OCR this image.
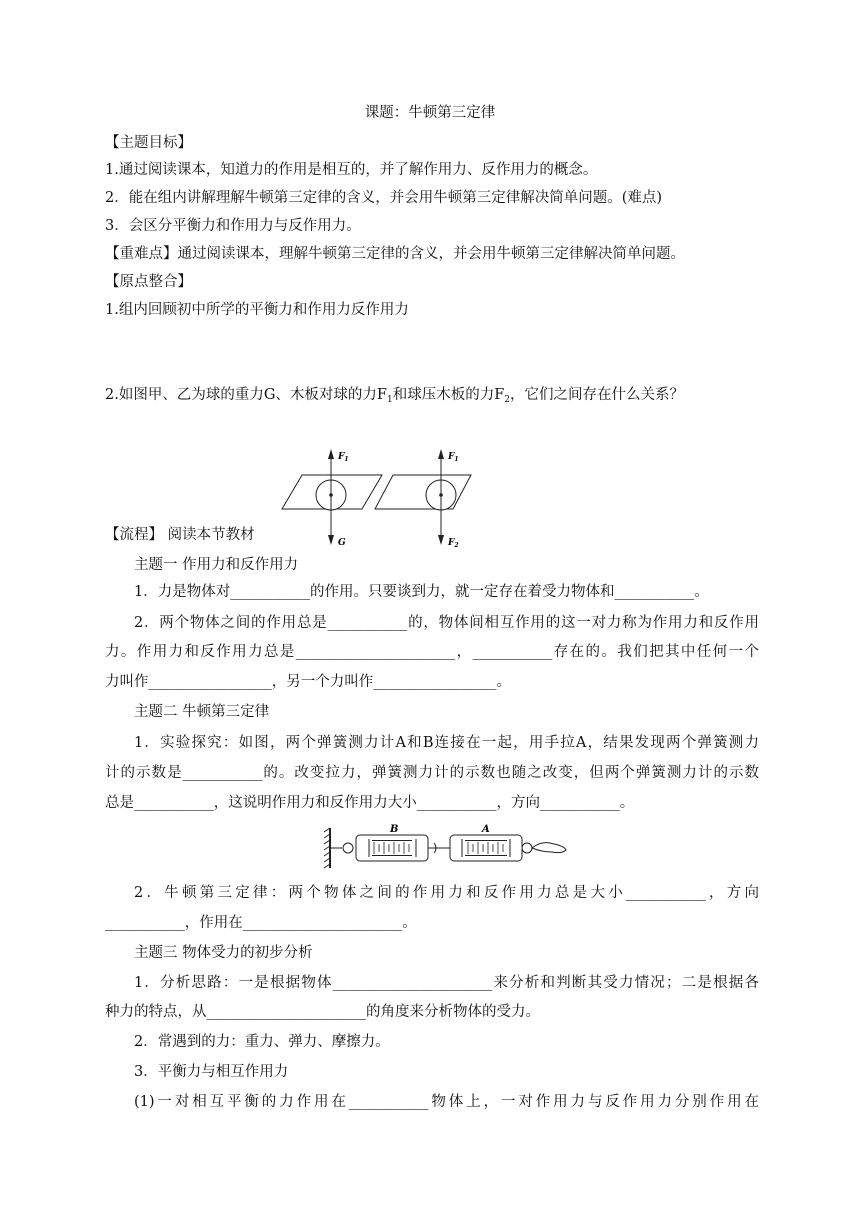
课题：牛顿第三定律
【主题目标】
1.通过阅读课本，知道力的作用是相互的，并了解作用力、反作用力的概念。
2．能在组内讲解理解牛顿第三定律的含义，并会用牛顿第三定律解决简单问题。(难点)
3．会区分平衡力和作用力与反作用力。
【重难点】通过阅读课本，理解牛顿第三定律的含义，并会用牛顿第三定律解决简单问题。
【原点整合】
1.组内回顾初中所学的平衡力和作用力反作用力
2.如图甲、乙为球的重力G、木板对球的力$F_1$和球压木板的力$F_2$，它们之间存在什么关系？
$F_1$
G
$F_1$
$F_2$
【流程】 阅读本节教材
主题一 作用力和反作用力
1．力是物体对___________的作用。只要谈到力，就一定存在着受力物体和___________。
2．两个物体之间的作用总是___________的，物体间相互作用的这一对力称为作用力和反作用
力。作用力和反作用力总是______________________，___________存在的。我们把其中任何一个
力叫作_________________，另一个力叫作_________________。
主题二 牛顿第三定律
1．实验探究：如图，两个弹簧测力计A和B连接在一起，用手拉A，结果发现两个弹簧测力
计的示数是___________的。改变拉力，弹簧测力计的示数也随之改变，但两个弹簧测力计的示数
总是___________，这说明作用力和反作用力大小___________，方向___________。
B	A
2．牛顿第三定律：两个物体之间的作用力和反作用力总是大小___________，方向
___________，作用在______________________。
主题三 物体受力的初步分析
1．分析思路：一是根据物体______________________来分析和判断其受力情况；二是根据各
种力的特点，从______________________的角度来分析物体的受力。
2．常遇到的力：重力、弹力、摩擦力。
3．平衡力与相互作用力
(1)一对相互平衡的力作用在___________物体上，一对作用力与反作用力分别作用在
